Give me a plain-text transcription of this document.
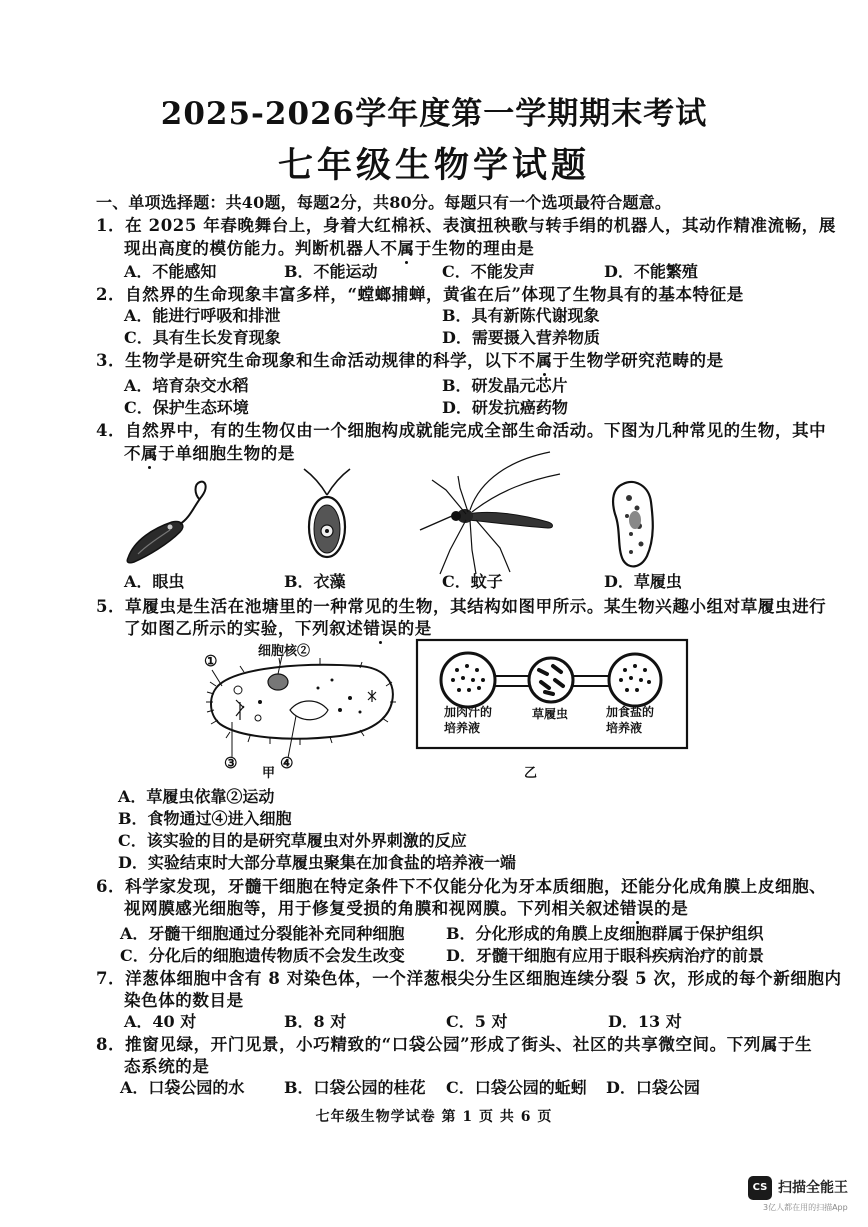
2025-2026学年度第一学期期末考试
七年级生物学试题
一、单项选择题：共40题，每题2分，共80分。每题只有一个选项最符合题意。
1．在 2025 年春晚舞台上，身着大红棉袄、表演扭秧歌与转手绢的机器人，其动作精准流畅，展
现出高度的模仿能力。判断机器人不属于生物的理由是
A．不能感知	B．不能运动	C．不能发声	D．不能繁殖
2．自然界的生命现象丰富多样，“螳螂捕蝉，黄雀在后”体现了生物具有的基本特征是
A．能进行呼吸和排泄	B．具有新陈代谢现象
C．具有生长发育现象	D．需要摄入营养物质
3．生物学是研究生命现象和生命活动规律的科学，以下不属于生物学研究范畴的是
A．培育杂交水稻	B．研发晶元芯片
C．保护生态环境	D．研发抗癌药物
4．自然界中，有的生物仅由一个细胞构成就能完成全部生命活动。下图为几种常见的生物，其中
不属于单细胞生物的是
A．眼虫	B．衣藻	C．蚊子	D．草履虫
5．草履虫是生活在池塘里的一种常见的生物，其结构如图甲所示。某生物兴趣小组对草履虫进行
了如图乙所示的实验，下列叙述错误的是
细胞核②
①
③	④
甲
加肉汁的
培养液
草履虫	加食盐的
培养液
乙
A．草履虫依靠②运动
B．食物通过④进入细胞
C．该实验的目的是研究草履虫对外界刺激的反应
D．实验结束时大部分草履虫聚集在加食盐的培养液一端
6．科学家发现，牙髓干细胞在特定条件下不仅能分化为牙本质细胞，还能分化成角膜上皮细胞、
视网膜感光细胞等，用于修复受损的角膜和视网膜。下列相关叙述错误的是
A．牙髓干细胞通过分裂能补充同种细胞	B．分化形成的角膜上皮细胞群属于保护组织
C．分化后的细胞遗传物质不会发生改变	D．牙髓干细胞有应用于眼科疾病治疗的前景
7．洋葱体细胞中含有 8 对染色体，一个洋葱根尖分生区细胞连续分裂 5 次，形成的每个新细胞内
染色体的数目是
A．40 对	B．8 对	C．5 对	D．13 对
8．推窗见绿，开门见景，小巧精致的“口袋公园”形成了街头、社区的共享微空间。下列属于生
态系统的是
A．口袋公园的水 B．口袋公园的桂花 C．口袋公园的蚯蚓 D．口袋公园
七年级生物学试卷 第 1 页 共 6 页
CS 扫描全能王
3亿人都在用的扫描App
